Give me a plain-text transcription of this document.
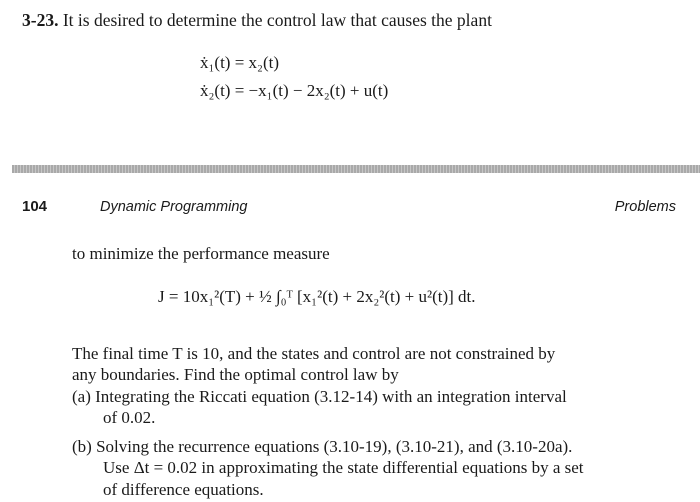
3-23. It is desired to determine the control law that causes the plant
ẋ₁(t) = x₂(t)
ẋ₂(t) = −x₁(t) − 2x₂(t) + u(t)
104	Dynamic Programming	Problems
to minimize the performance measure
J = 10x₁²(T) + ½ ∫₀ᵀ [x₁²(t) + 2x₂²(t) + u²(t)] dt.
The final time T is 10, and the states and control are not constrained by
any boundaries. Find the optimal control law by
(a) Integrating the Riccati equation (3.12-14) with an integration interval
of 0.02.
(b) Solving the recurrence equations (3.10-19), (3.10-21), and (3.10-20a).
Use Δt = 0.02 in approximating the state differential equations by a set
of difference equations.
